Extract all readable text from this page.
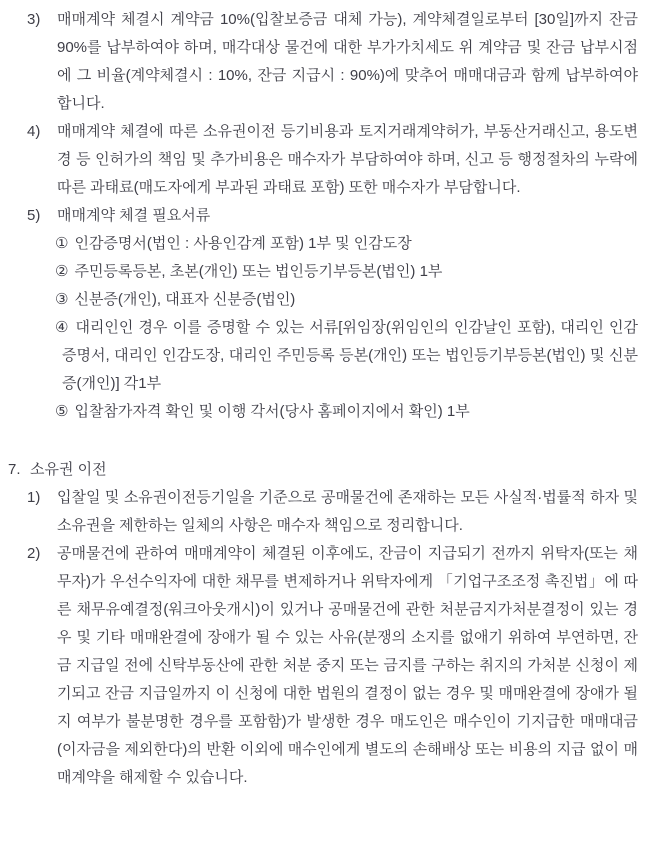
3)	매매계약 체결시 계약금 10%(입찰보증금 대체 가능), 계약체결일로부터 [30일]까지 잔금 90%를 납부하여야 하며, 매각대상 물건에 대한 부가가치세도 위 계약금 및 잔금 납부시점에 그 비율(계약체결시 : 10%, 잔금 지급시 : 90%)에 맞추어 매매대금과 함께 납부하여야 합니다.

4)	매매계약 체결에 따른 소유권이전 등기비용과 토지거래계약허가, 부동산거래신고, 용도변경 등 인허가의 책임 및 추가비용은 매수자가 부담하여야 하며, 신고 등 행정절차의 누락에 따른 과태료(매도자에게 부과된 과태료 포함) 또한 매수자가 부담합니다.

5)	매매계약 체결 필요서류

① 인감증명서(법인 : 사용인감계 포함) 1부 및 인감도장

② 주민등록등본, 초본(개인) 또는 법인등기부등본(법인) 1부

③ 신분증(개인), 대표자 신분증(법인)

④ 대리인인 경우 이를 증명할 수 있는 서류[위임장(위임인의 인감날인 포함), 대리인 인감증명서, 대리인 인감도장, 대리인 주민등록 등본(개인) 또는 법인등기부등본(법인) 및 신분증(개인)] 각1부

⑤ 입찰참가자격 확인 및 이행 각서(당사 홈페이지에서 확인) 1부

7. 소유권 이전
1)	입찰일 및 소유권이전등기일을 기준으로 공매물건에 존재하는 모든 사실적·법률적 하자 및 소유권을 제한하는 일체의 사항은 매수자 책임으로 정리합니다.

2)	공매물건에 관하여 매매계약이 체결된 이후에도, 잔금이 지급되기 전까지 위탁자(또는 채무자)가 우선수익자에 대한 채무를 변제하거나 위탁자에게 「기업구조조정 촉진법」에 따른 채무유예결정(워크아웃개시)이 있거나 공매물건에 관한 처분금지가처분결정이 있는 경우 및 기타 매매완결에 장애가 될 수 있는 사유(분쟁의 소지를 없애기 위하여 부연하면, 잔금 지급일 전에 신탁부동산에 관한 처분 중지 또는 금지를 구하는 취지의 가처분 신청이 제기되고 잔금 지급일까지 이 신청에 대한 법원의 결정이 없는 경우 및 매매완결에 장애가 될 지 여부가 불분명한 경우를 포함함)가 발생한 경우 매도인은 매수인이 기지급한 매매대금(이자금을 제외한다)의 반환 이외에 매수인에게 별도의 손해배상 또는 비용의 지급 없이 매매계약을 해제할 수 있습니다.
